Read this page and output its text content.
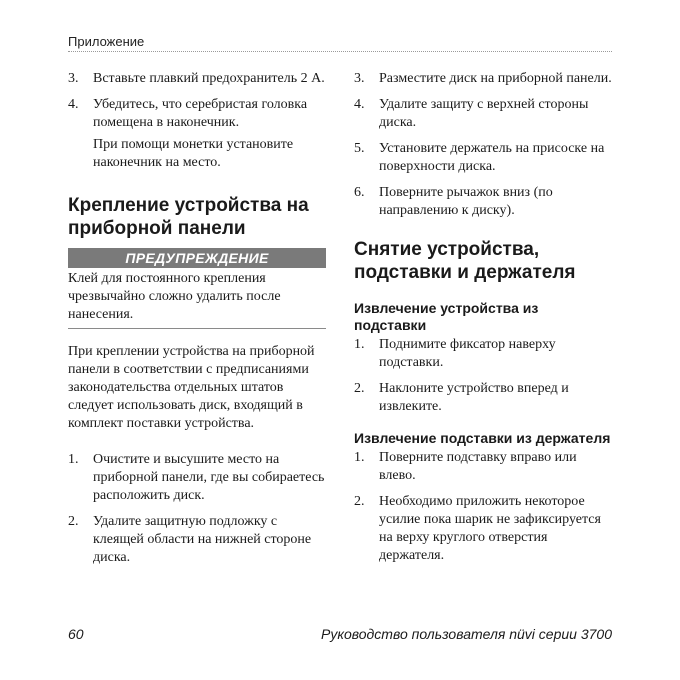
Приложение
3. Вставьте плавкий предохранитель 2 A.
4. Убедитесь, что серебристая головка помещена в наконечник.

При помощи монетки установите наконечник на место.

Крепление устройства на приборной панели
ПРЕДУПРЕЖДЕНИЕ
Клей для постоянного крепления чрезвычайно сложно удалить после нанесения.

При креплении устройства на приборной панели в соответствии с предписаниями законодательства отдельных штатов следует использовать диск, входящий в комплект поставки устройства.

1. Очистите и высушите место на приборной панели, где вы собираетесь расположить диск.
2. Удалите защитную подложку с клеящей области на нижней стороне диска.
3. Разместите диск на приборной панели.
4. Удалите защиту с верхней стороны диска.
5. Установите держатель на присоске на поверхности диска.
6. Поверните рычажок вниз (по направлению к диску).
Снятие устройства, подставки и держателя
Извлечение устройства из подставки
1. Поднимите фиксатор наверху подставки.
2. Наклоните устройство вперед и извлеките.
Извлечение подставки из держателя
1. Поверните подставку вправо или влево.
2. Необходимо приложить некоторое усилие пока шарик не зафиксируется на верху круглого отверстия держателя.
60	Руководство пользователя nüvi серии 3700
